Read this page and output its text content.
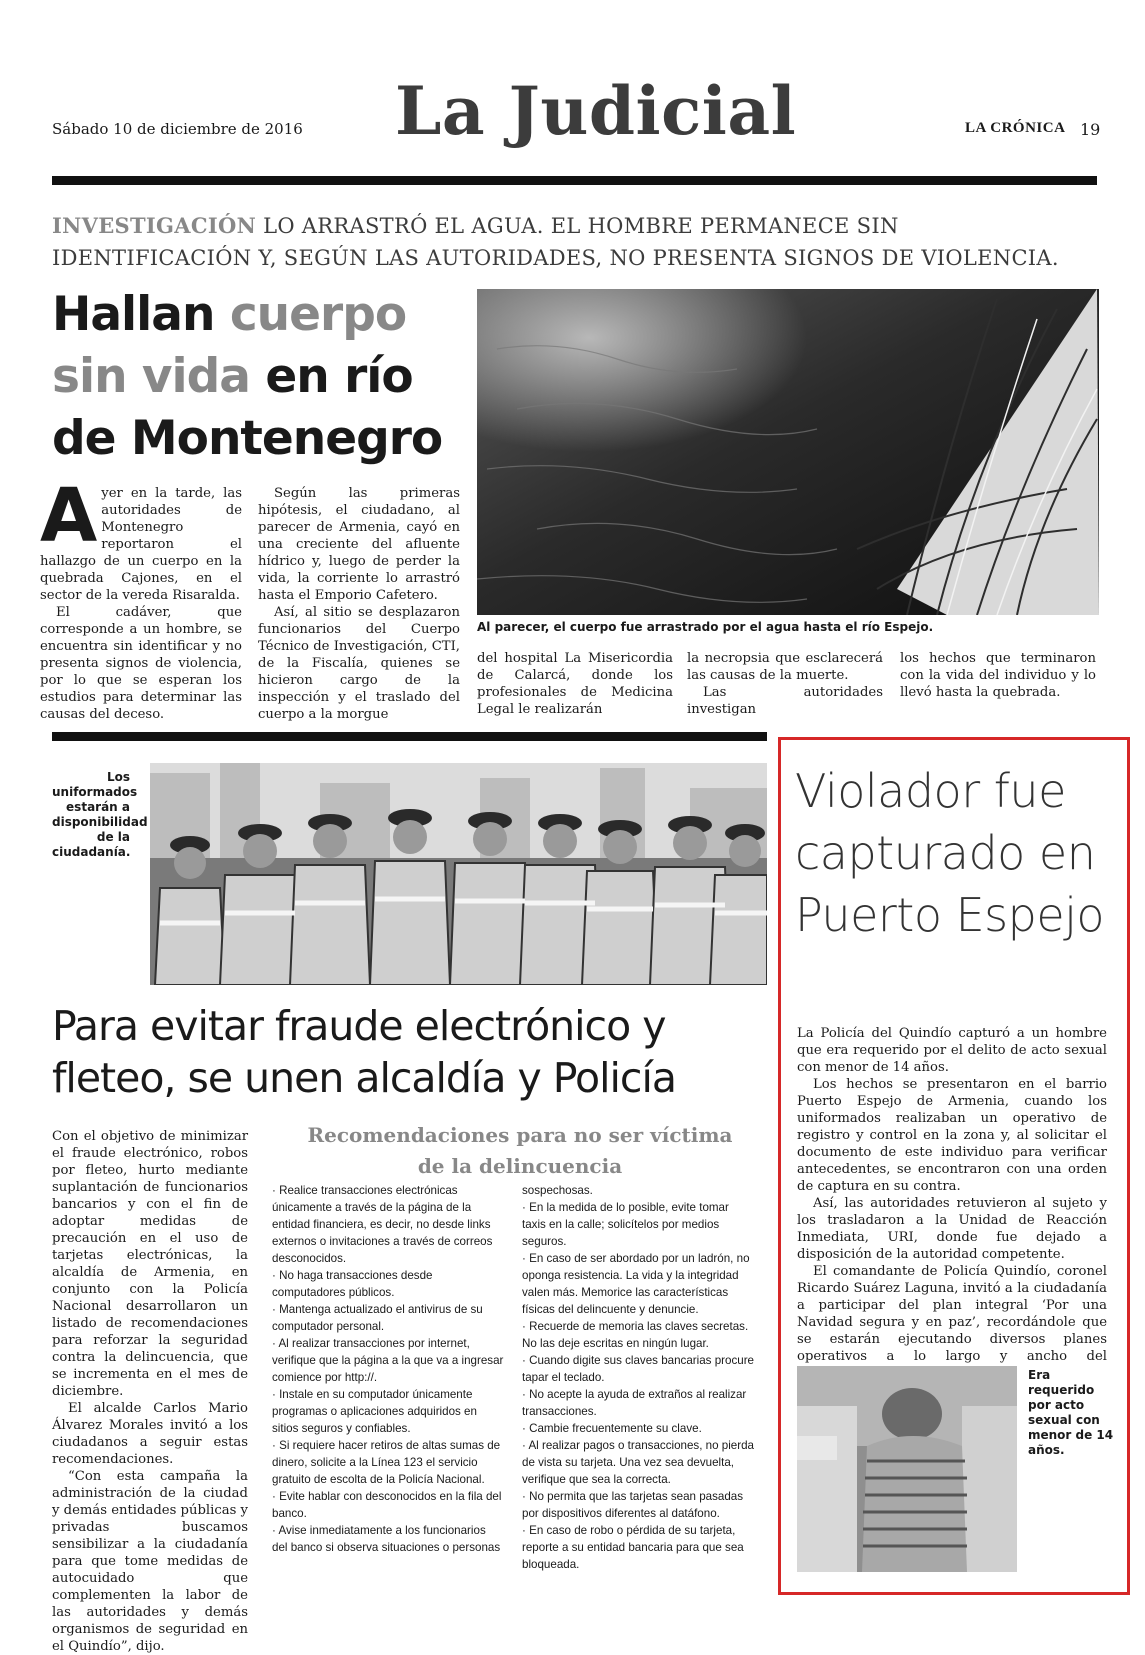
Sábado 10 de diciembre de 2016 La Judicial	LA CRÓNICA 19
INVESTIGACIÓN LO ARRASTRÓ EL AGUA. EL HOMBRE PERMANECE SIN IDENTIFICACIÓN Y, SEGÚN LAS AUTORIDADES, NO PRESENTA SIGNOS DE VIOLENCIA.
Hallan cuerpo sin vida en río de Montenegro

Ayer en la tarde, las autoridades de Montenegro reportaron el hallazgo de un cuerpo en la quebrada Cajones, en el sector de la vereda Risaralda.

El cadáver, que corresponde a un hombre, se encuentra sin identificar y no presenta signos de violencia, por lo que se esperan los estudios para determinar las causas del deceso.

Según las primeras hipótesis, el ciudadano, al parecer de Armenia, cayó en una creciente del afluente hídrico y, luego de perder la vida, la corriente lo arrastró hasta el Emporio Cafetero.

Así, al sitio se desplazaron funcionarios del Cuerpo Técnico de Investigación, CTI, de la Fiscalía, quienes se hicieron cargo de la inspección y el traslado del cuerpo a la morgue

Al parecer, el cuerpo fue arrastrado por el agua hasta el río Espejo.

del hospital La Misericordia de Calarcá, donde los profesionales de Medicina Legal le realizarán

la necropsia que esclarecerá las causas de la muerte.

Las autoridades investigan

los hechos que terminaron con la vida del individuo y lo llevó hasta la quebrada.

Violador fue capturado en Puerto Espejo

La Policía del Quindío capturó a un hombre que era requerido por el delito de acto sexual con menor de 14 años.

Los hechos se presentaron en el barrio Puerto Espejo de Armenia, cuando los uniformados realizaban un operativo de registro y control en la zona y, al solicitar el documento de este individuo para verificar antecedentes, se encontraron con una orden de captura en su contra.

Así, las autoridades retuvieron al sujeto y los trasladaron a la Unidad de Reacción Inmediata, URI, donde fue dejado a disposición de la autoridad competente.

El comandante de Policía Quindío, coronel Ricardo Suárez Laguna, invitó a la ciudadanía a participar del plan integral ‘Por una Navidad segura y en paz’, recordándole que se estarán ejecutando diversos planes operativos a lo largo y ancho del

Era requerido por acto sexual con menor de 14 años.
Los uniformados estarán a disponibilidad de la ciudadanía.
Para evitar fraude electrónico y fleteo, se unen alcaldía y Policía

Con el objetivo de minimizar el fraude electrónico, robos por fleteo, hurto mediante suplantación de funcionarios bancarios y con el fin de adoptar medidas de precaución en el uso de tarjetas electrónicas, la alcaldía de Armenia, en conjunto con la Policía Nacional desarrollaron un listado de recomendaciones para reforzar la seguridad contra la delincuencia, que se incrementa en el mes de diciembre.

El alcalde Carlos Mario Álvarez Morales invitó a los ciudadanos a seguir estas recomendaciones.

“Con esta campaña la administración de la ciudad y demás entidades públicas y privadas buscamos sensibilizar a la ciudadanía para que tome medidas de autocuidado que complementen la labor de las autoridades y demás organismos de seguridad en el Quindío”, dijo.

Recomendaciones para no ser víctima de la delincuencia

· Realice transacciones electrónicas únicamente a través de la página de la entidad financiera, es decir, no desde links externos o invitaciones a través de correos desconocidos.

· No haga transacciones desde computadores públicos.

· Mantenga actualizado el antivirus de su computador personal.

· Al realizar transacciones por internet, verifique que la página a la que va a ingresar comience por http://.

· Instale en su computador únicamente programas o aplicaciones adquiridos en sitios seguros y confiables.

· Si requiere hacer retiros de altas sumas de dinero, solicite a la Línea 123 el servicio gratuito de escolta de la Policía Nacional.

· Evite hablar con desconocidos en la fila del banco.

· Avise inmediatamente a los funcionarios del banco si observa situaciones o personas

sospechosas.

· En la medida de lo posible, evite tomar taxis en la calle; solicítelos por medios seguros.

· En caso de ser abordado por un ladrón, no oponga resistencia. La vida y la integridad valen más. Memorice las características físicas del delincuente y denuncie.

· Recuerde de memoria las claves secretas. No las deje escritas en ningún lugar.

· Cuando digite sus claves bancarias procure tapar el teclado.

· No acepte la ayuda de extraños al realizar transacciones.

· Cambie frecuentemente su clave.

· Al realizar pagos o transacciones, no pierda de vista su tarjeta. Una vez sea devuelta, verifique que sea la correcta.

· No permita que las tarjetas sean pasadas por dispositivos diferentes al datáfono.

· En caso de robo o pérdida de su tarjeta, reporte a su entidad bancaria para que sea bloqueada.
